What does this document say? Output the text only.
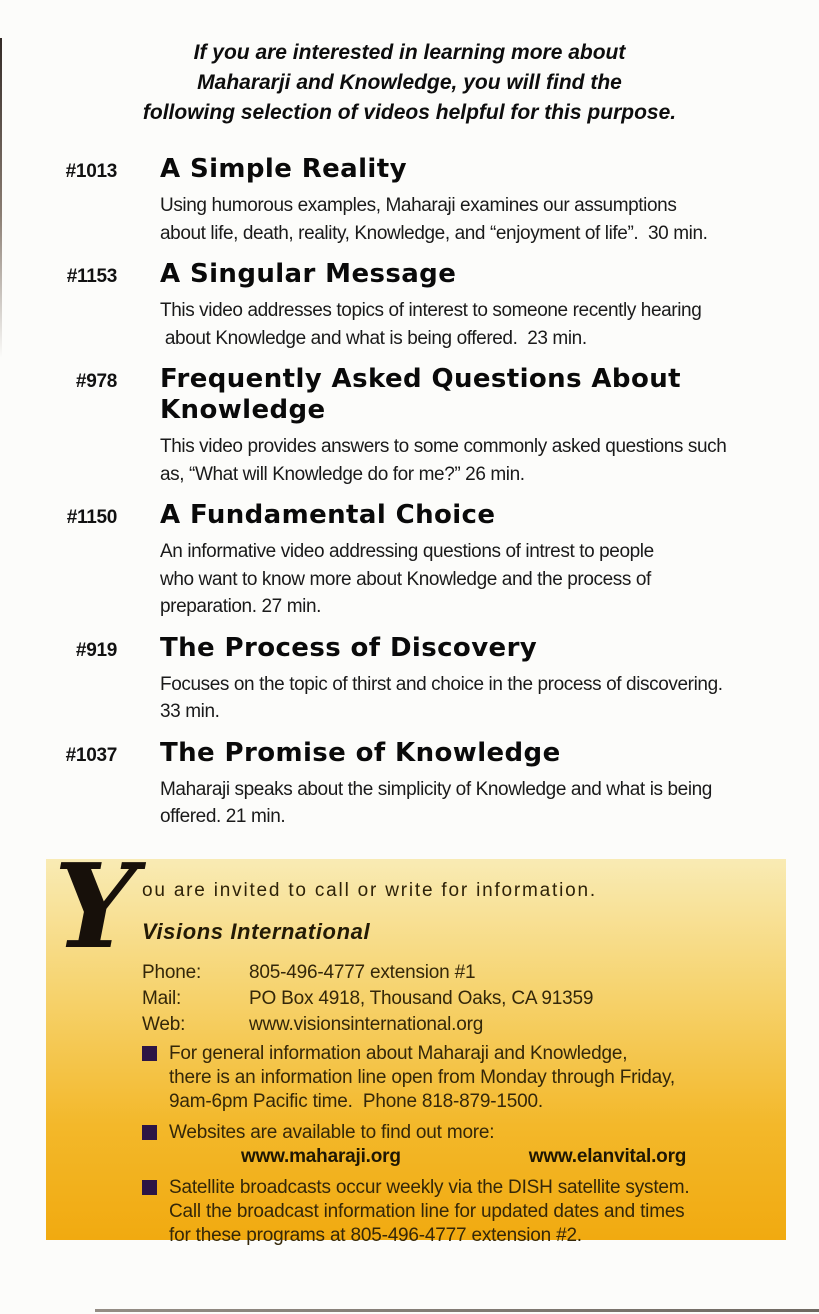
If you are interested in learning more about
Mahararji and Knowledge, you will find the
following selection of videos helpful for this purpose.
#1013 A Simple Reality
Using humorous examples, Maharaji examines our assumptions
about life, death, reality, Knowledge, and “enjoyment of life”.  30 min.
#1153 A Singular Message
This video addresses topics of interest to someone recently hearing
about Knowledge and what is being offered.  23 min.
#978 Frequently Asked Questions About
Knowledge
This video provides answers to some commonly asked questions such
as, “What will Knowledge do for me?” 26 min.
#1150 A Fundamental Choice
An informative video addressing questions of intrest to people
who want to know more about Knowledge and the process of
preparation. 27 min.
#919 The Process of Discovery
Focuses on the topic of thirst and choice in the process of discovering.
33 min.
#1037 The Promise of Knowledge
Maharaji speaks about the simplicity of Knowledge and what is being
offered. 21 min.
Y ou are invited to call or write for information.
Visions International
Phone:	805-496-4777 extension #1
Mail:	PO Box 4918, Thousand Oaks, CA 91359
Web:	www.visionsinternational.org
For general information about Maharaji and Knowledge,
there is an information line open from Monday through Friday,
9am-6pm Pacific time.  Phone 818-879-1500.
Websites are available to find out more:
www.maharaji.org	www.elanvital.org
Satellite broadcasts occur weekly via the DISH satellite system.
Call the broadcast information line for updated dates and times
for these programs at 805-496-4777 extension #2.
